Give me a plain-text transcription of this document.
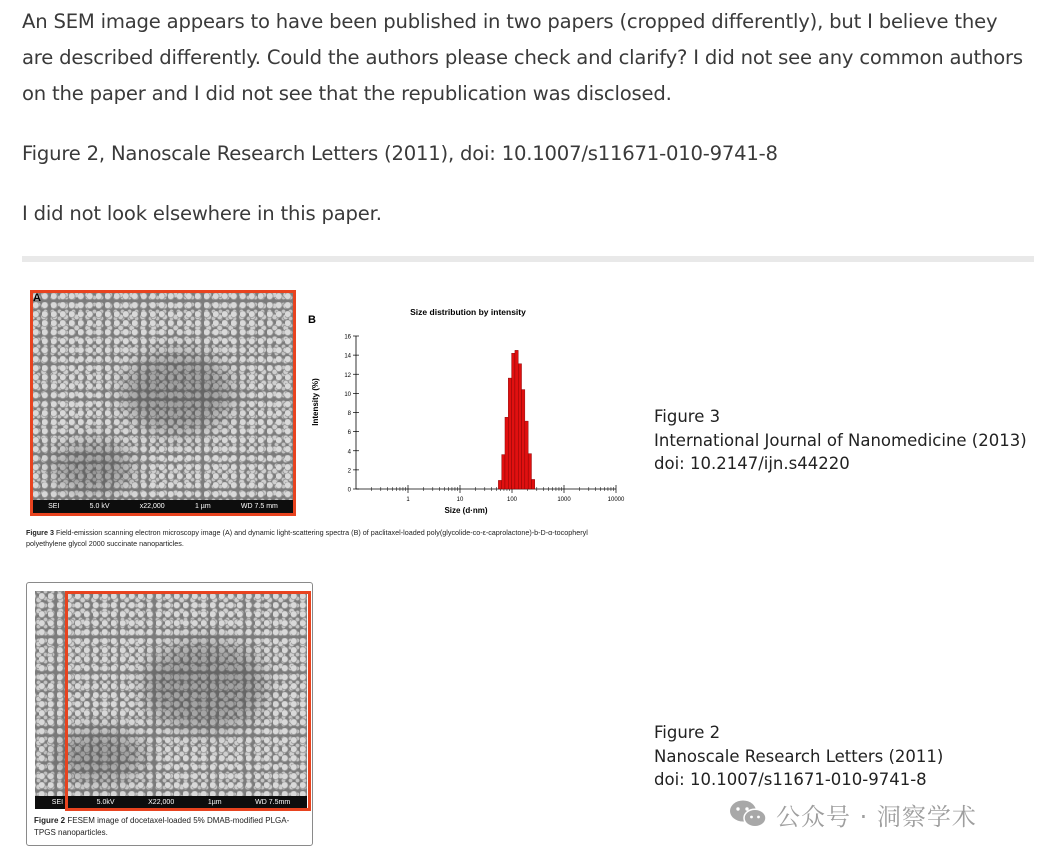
An SEM image appears to have been published in two papers (cropped differently), but I believe they are described differently. Could the authors please check and clarify? I did not see any common authors on the paper and I did not see that the republication was disclosed.

Figure 2, Nanoscale Research Letters (2011), doi: 10.1007/s11671-010-9741-8

I did not look elsewhere in this paper.

SEI	5.0 kV	x22,000	1 µm	WD 7.5 mm
A
B
Size distribution by intensity
0
2
4
6
8
10
12
14
16
1	10	100	1000	10000
Intensity (%)
Size (d·nm)
Figure 3 Field-emission scanning electron microscopy image (A) and dynamic light-scattering spectra (B) of paclitaxel-loaded poly(glycolide-co-ε-caprolactone)-b-D-α-tocopheryl polyethylene glycol 2000 succinate nanoparticles.
Figure 3
International Journal of Nanomedicine (2013)
doi: 10.2147/ijn.s44220
SEI	5.0kV	X22,000	1µm	WD 7.5mm
Figure 2 FESEM image of docetaxel-loaded 5% DMAB-modified PLGA-TPGS nanoparticles.
Figure 2
Nanoscale Research Letters (2011)
doi: 10.1007/s11671-010-9741-8
公众号 · 洞察学术
